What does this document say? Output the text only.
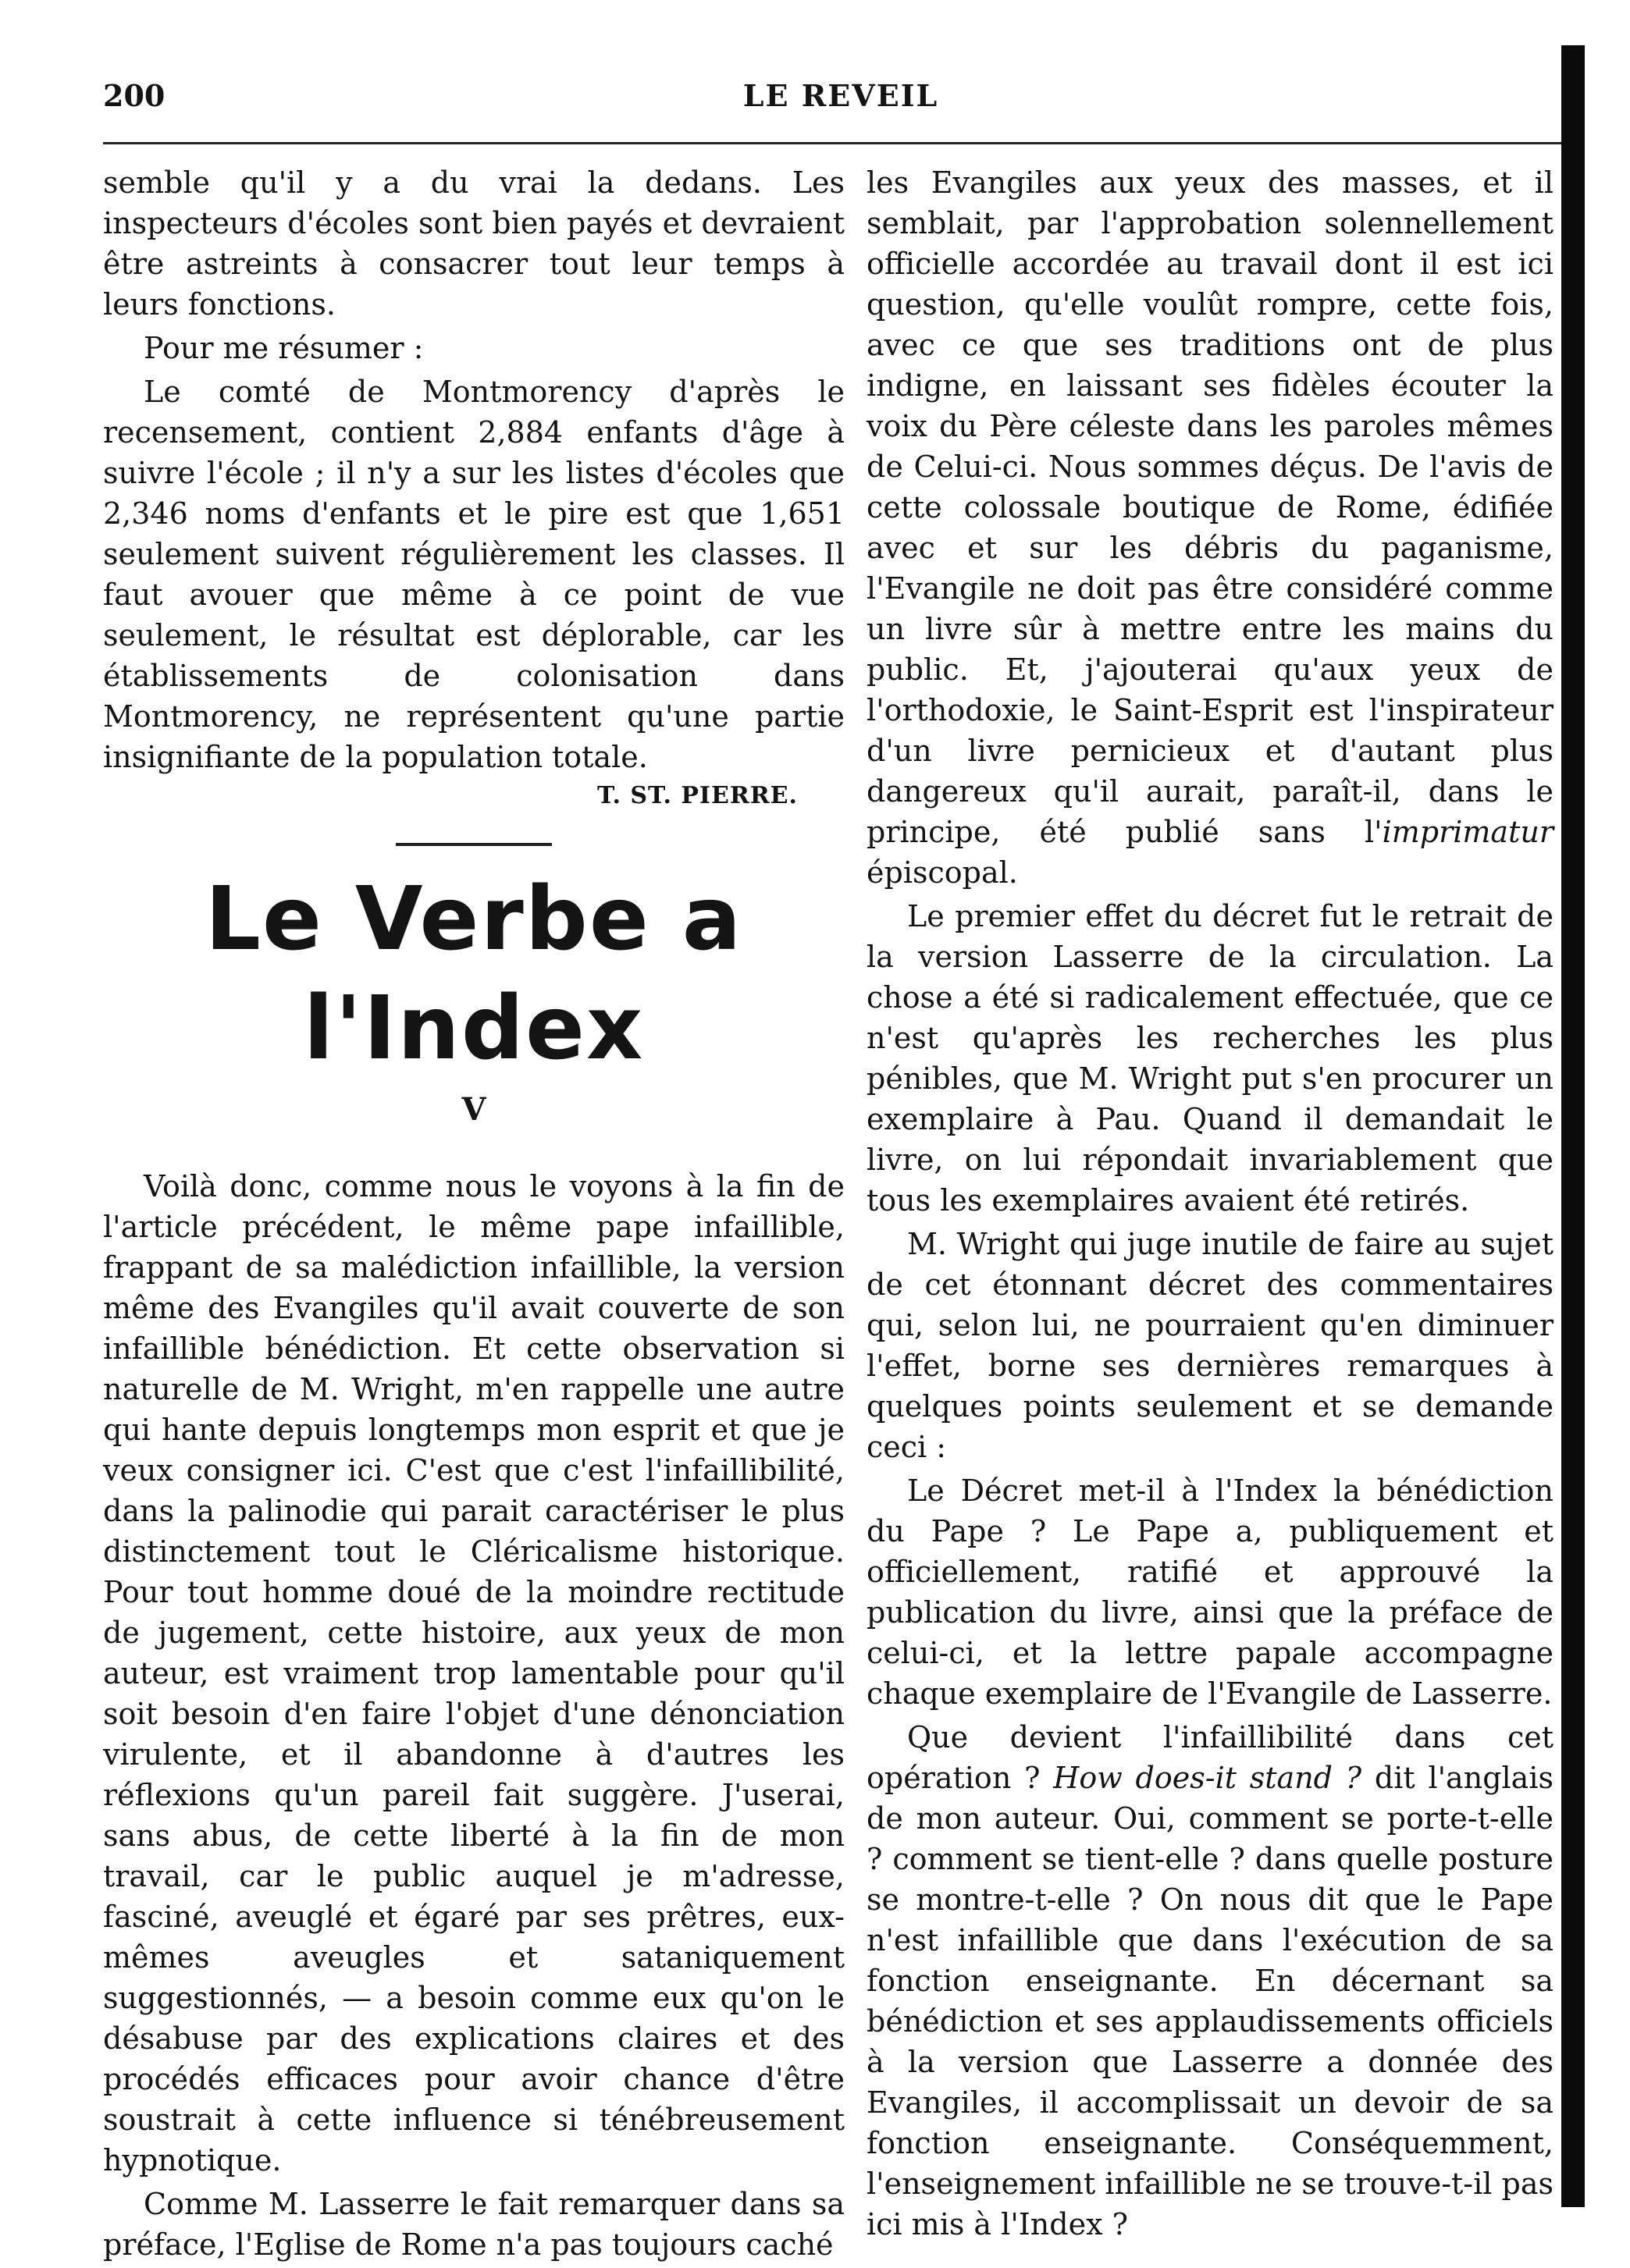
200	LE REVEIL

semble qu'il y a du vrai la dedans. Les inspecteurs d'écoles sont bien payés et devraient être astreints à consacrer tout leur temps à leurs fonctions.

Pour me résumer :

Le comté de Montmorency d'après le recensement, contient 2,884 enfants d'âge à suivre l'école ; il n'y a sur les listes d'écoles que 2,346 noms d'enfants et le pire est que 1,651 seulement suivent régulièrement les classes. Il faut avouer que même à ce point de vue seulement, le résultat est déplorable, car les établissements de colonisation dans Montmorency, ne représentent qu'une partie insignifiante de la population totale.

T. ST. PIERRE.
Le Verbe a l'Index
V

Voilà donc, comme nous le voyons à la fin de l'article précédent, le même pape infaillible, frappant de sa malédiction infaillible, la version même des Evangiles qu'il avait couverte de son infaillible bénédiction. Et cette observation si naturelle de M. Wright, m'en rappelle une autre qui hante depuis longtemps mon esprit et que je veux consigner ici. C'est que c'est l'infaillibilité, dans la palinodie qui parait caractériser le plus distinctement tout le Cléricalisme historique. Pour tout homme doué de la moindre rectitude de jugement, cette histoire, aux yeux de mon auteur, est vraiment trop lamentable pour qu'il soit besoin d'en faire l'objet d'une dénonciation virulente, et il abandonne à d'autres les réflexions qu'un pareil fait suggère. J'userai, sans abus, de cette liberté à la fin de mon travail, car le public auquel je m'adresse, fasciné, aveuglé et égaré par ses prêtres, eux-mêmes aveugles et sataniquement suggestionnés, — a besoin comme eux qu'on le désabuse par des explications claires et des procédés efficaces pour avoir chance d'être soustrait à cette influence si ténébreusement hypnotique.

Comme M. Lasserre le fait remarquer dans sa préface, l'Eglise de Rome n'a pas toujours caché

les Evangiles aux yeux des masses, et il semblait, par l'approbation solennellement officielle accordée au travail dont il est ici question, qu'elle voulût rompre, cette fois, avec ce que ses traditions ont de plus indigne, en laissant ses fidèles écouter la voix du Père céleste dans les paroles mêmes de Celui-ci. Nous sommes déçus. De l'avis de cette colossale boutique de Rome, édifiée avec et sur les débris du paganisme, l'Evangile ne doit pas être considéré comme un livre sûr à mettre entre les mains du public. Et, j'ajouterai qu'aux yeux de l'orthodoxie, le Saint-Esprit est l'inspirateur d'un livre pernicieux et d'autant plus dangereux qu'il aurait, paraît-il, dans le principe, été publié sans l'imprimatur épiscopal.

Le premier effet du décret fut le retrait de la version Lasserre de la circulation. La chose a été si radicalement effectuée, que ce n'est qu'après les recherches les plus pénibles, que M. Wright put s'en procurer un exemplaire à Pau. Quand il demandait le livre, on lui répondait invariablement que tous les exemplaires avaient été retirés.

M. Wright qui juge inutile de faire au sujet de cet étonnant décret des commentaires qui, selon lui, ne pourraient qu'en diminuer l'effet, borne ses dernières remarques à quelques points seulement et se demande ceci :

Le Décret met-il à l'Index la bénédiction du Pape ? Le Pape a, publiquement et officiellement, ratifié et approuvé la publication du livre, ainsi que la préface de celui-ci, et la lettre papale accompagne chaque exemplaire de l'Evangile de Lasserre.

Que devient l'infaillibilité dans cet opération ? How does-it stand ? dit l'anglais de mon auteur. Oui, comment se porte-t-elle ? comment se tient-elle ? dans quelle posture se montre-t-elle ? On nous dit que le Pape n'est infaillible que dans l'exécution de sa fonction enseignante. En décernant sa bénédiction et ses applaudissements officiels à la version que Lasserre a donnée des Evangiles, il accomplissait un devoir de sa fonction enseignante. Conséquemment, l'enseignement infaillible ne se trouve-t-il pas ici mis à l'Index ?
